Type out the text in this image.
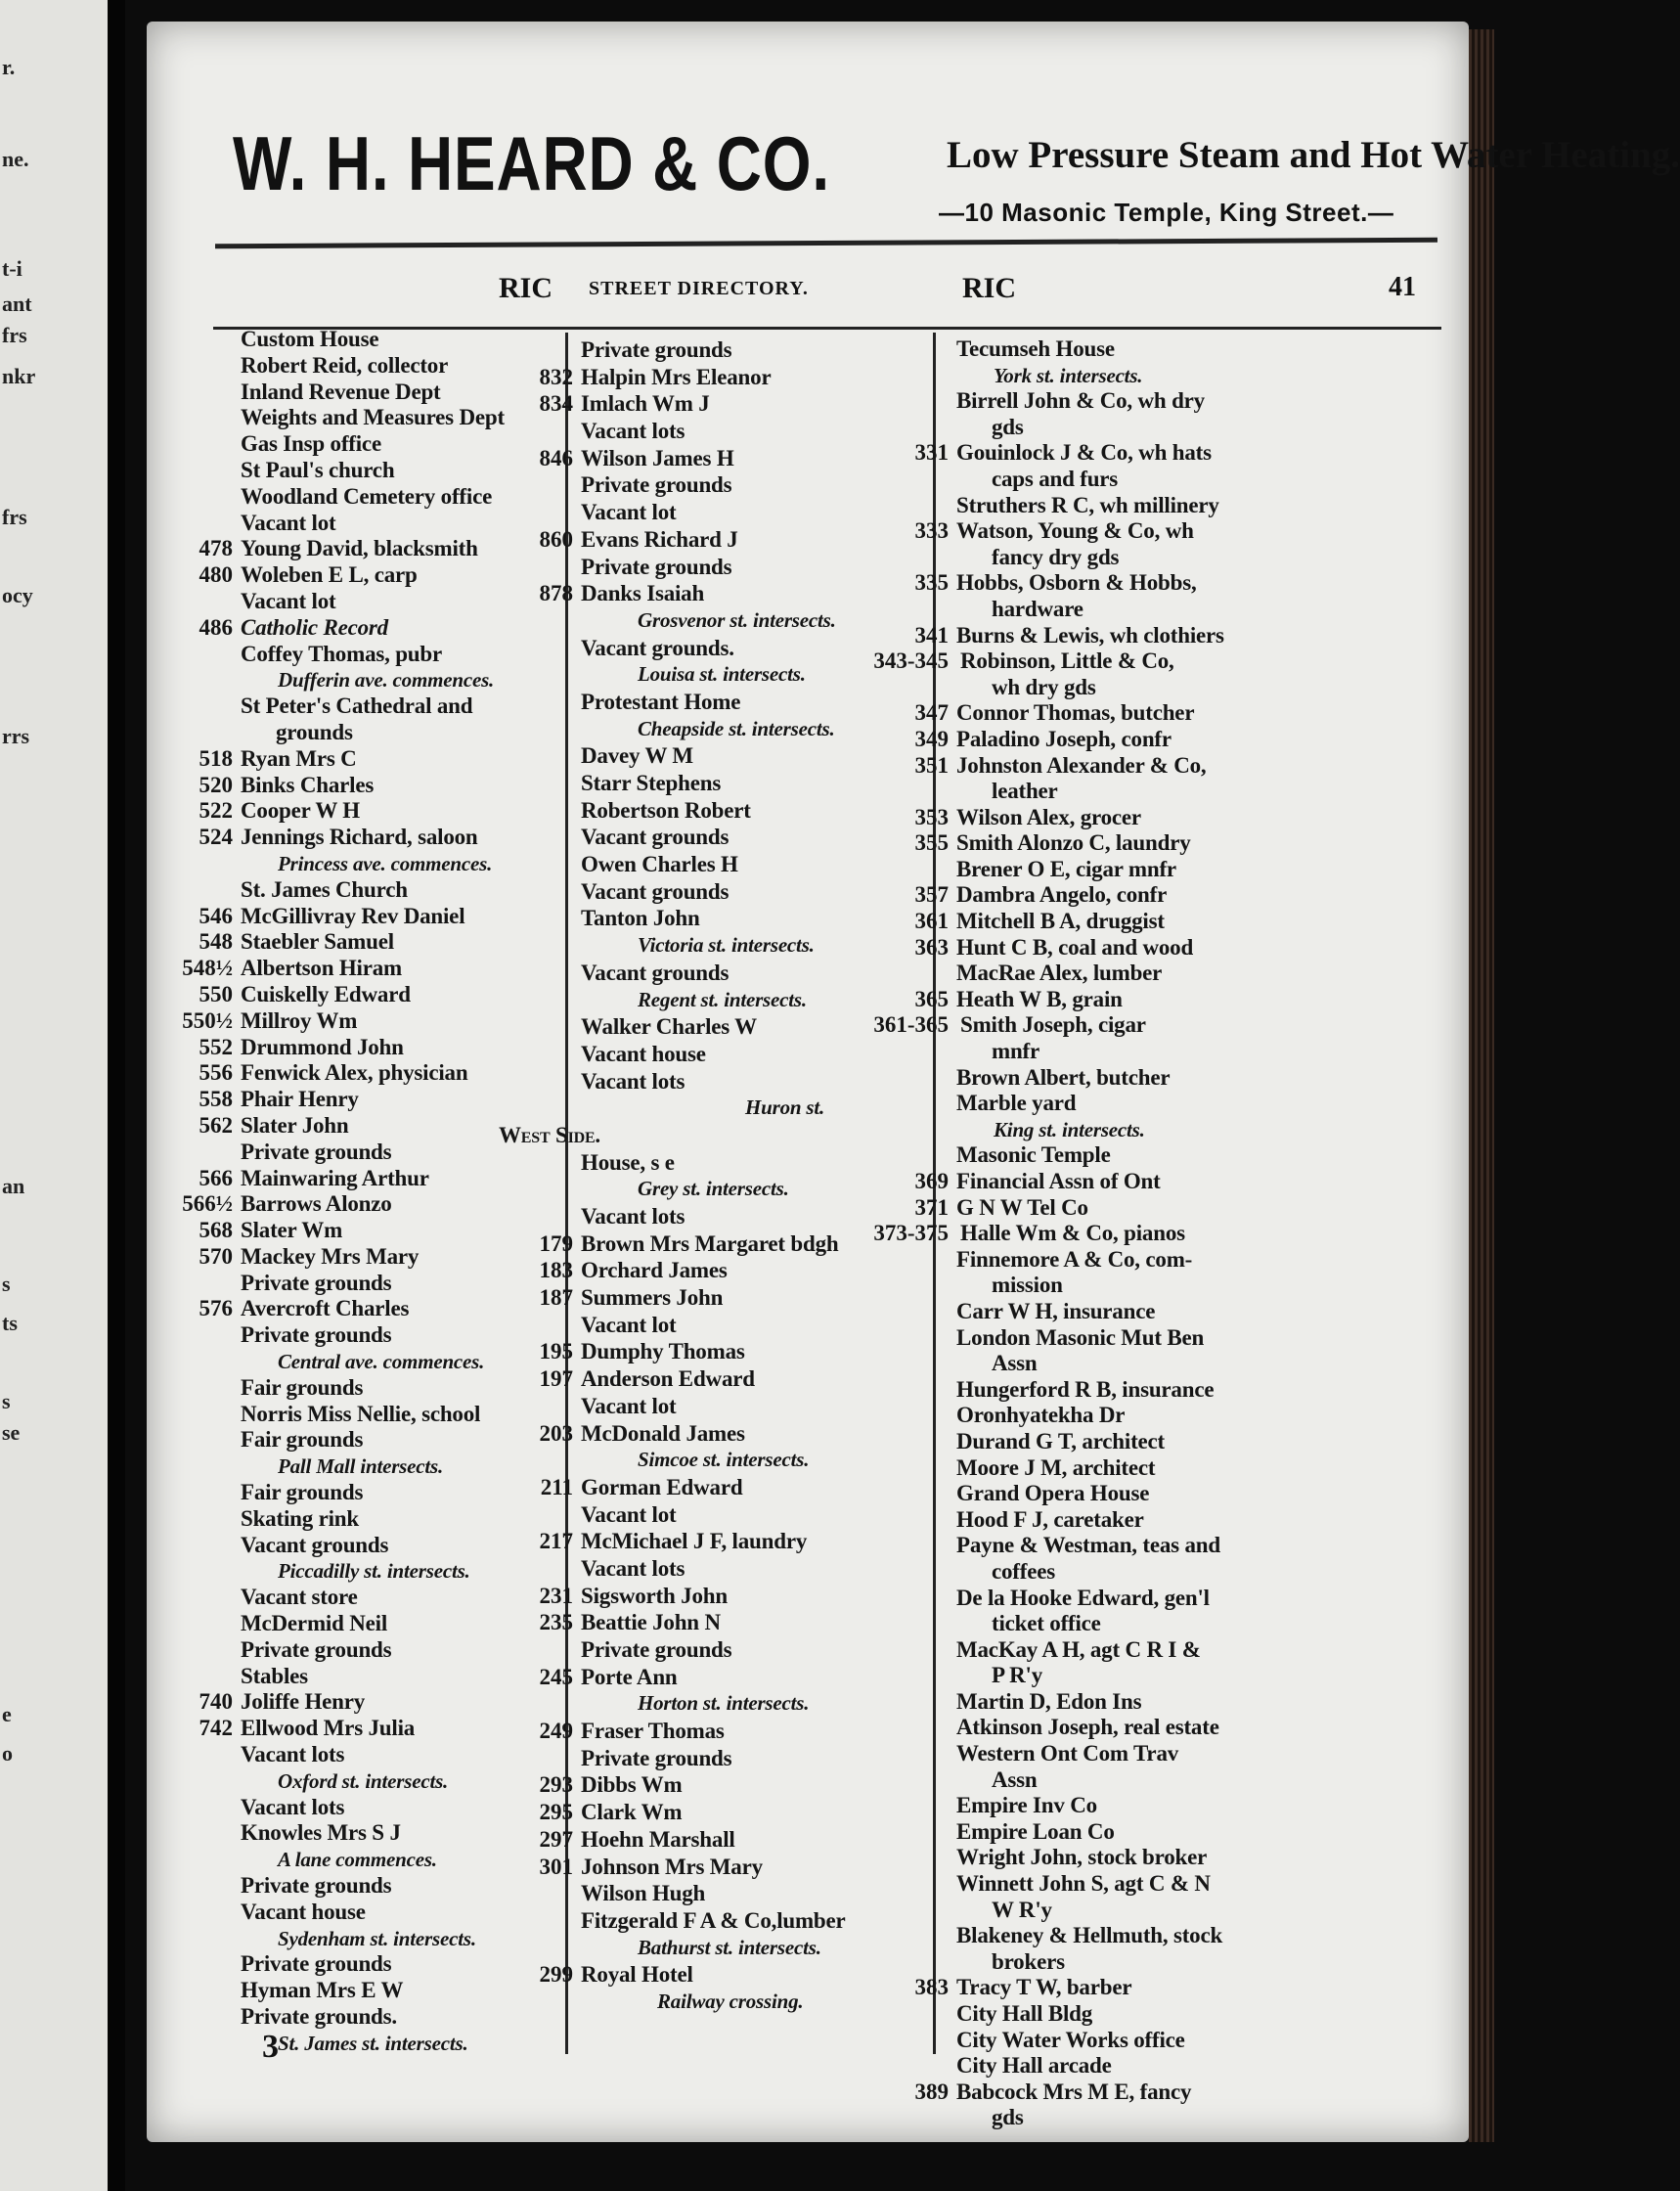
r.
ne.
t-i
ant
frs
nkr
frs
ocy
rrs
an
s
ts
s
se
e
o
W. H. HEARD & CO.	Low Pressure Steam and Hot Water Heating.
—10 Masonic Temple, King Street.—
RIC STREET DIRECTORY.	RIC	41
Custom House
Robert Reid, collector
Inland Revenue Dept
Weights and Measures Dept
Gas Insp office
St Paul's church
Woodland Cemetery office
Vacant lot
478 Young David, blacksmith
480 Woleben E L, carp
Vacant lot
486 Catholic Record
Coffey Thomas, pubr
Dufferin ave. commences.
St Peter's Cathedral and
grounds
518 Ryan Mrs C
520 Binks Charles
522 Cooper W H
524 Jennings Richard, saloon
Princess ave. commences.
St. James Church
546 McGillivray Rev Daniel
548 Staebler Samuel
548½ Albertson Hiram
550 Cuiskelly Edward
550½ Millroy Wm
552 Drummond John
556 Fenwick Alex, physician
558 Phair Henry
562 Slater John
Private grounds
566 Mainwaring Arthur
566½ Barrows Alonzo
568 Slater Wm
570 Mackey Mrs Mary
Private grounds
576 Avercroft Charles
Private grounds
Central ave. commences.
Fair grounds
Norris Miss Nellie, school
Fair grounds
Pall Mall intersects.
Fair grounds
Skating rink
Vacant grounds
Piccadilly st. intersects.
Vacant store
McDermid Neil
Private grounds
Stables
740 Joliffe Henry
742 Ellwood Mrs Julia
Vacant lots
Oxford st. intersects.
Vacant lots
Knowles Mrs S J
A lane commences.
Private grounds
Vacant house
Sydenham st. intersects.
Private grounds
Hyman Mrs E W
Private grounds.
St. James st. intersects.
Private grounds
832 Halpin Mrs Eleanor
834 Imlach Wm J
Vacant lots
846 Wilson James H
Private grounds
Vacant lot
860 Evans Richard J
Private grounds
878 Danks Isaiah
Grosvenor st. intersects.
Vacant grounds.
Louisa st. intersects.
Protestant Home
Cheapside st. intersects.
Davey W M
Starr Stephens
Robertson Robert
Vacant grounds
Owen Charles H
Vacant grounds
Tanton John
Victoria st. intersects.
Vacant grounds
Regent st. intersects.
Walker Charles W
Vacant house
Vacant lots
Huron st.
West Side.
House, s e
Grey st. intersects.
Vacant lots
179 Brown Mrs Margaret bdgh
183 Orchard James
187 Summers John
Vacant lot
195 Dumphy Thomas
197 Anderson Edward
Vacant lot
203 McDonald James
Simcoe st. intersects.
211 Gorman Edward
Vacant lot
217 McMichael J F, laundry
Vacant lots
231 Sigsworth John
235 Beattie John N
Private grounds
245 Porte Ann
Horton st. intersects.
249 Fraser Thomas
Private grounds
293 Dibbs Wm
295 Clark Wm
297 Hoehn Marshall
301 Johnson Mrs Mary
Wilson Hugh
Fitzgerald F A & Co,lumber
Bathurst st. intersects.
299 Royal Hotel
Railway crossing.
Tecumseh House
York st. intersects.
Birrell John & Co, wh dry
gds
331 Gouinlock J & Co, wh hats
caps and furs
Struthers R C, wh millinery
333 Watson, Young & Co, wh
fancy dry gds
335 Hobbs, Osborn & Hobbs,
hardware
341 Burns & Lewis, wh clothiers
343-345 Robinson, Little & Co,
wh dry gds
347 Connor Thomas, butcher
349 Paladino Joseph, confr
351 Johnston Alexander & Co,
leather
353 Wilson Alex, grocer
355 Smith Alonzo C, laundry
Brener O E, cigar mnfr
357 Dambra Angelo, confr
361 Mitchell B A, druggist
363 Hunt C B, coal and wood
MacRae Alex, lumber
365 Heath W B, grain
361-365 Smith Joseph, cigar
mnfr
Brown Albert, butcher
Marble yard
King st. intersects.
Masonic Temple
369 Financial Assn of Ont
371 G N W Tel Co
373-375 Halle Wm & Co, pianos
Finnemore A & Co, com-
mission
Carr W H, insurance
London Masonic Mut Ben
Assn
Hungerford R B, insurance
Oronhyatekha Dr
Durand G T, architect
Moore J M, architect
Grand Opera House
Hood F J, caretaker
Payne & Westman, teas and
coffees
De la Hooke Edward, gen'l
ticket office
MacKay A H, agt C R I &
P R'y
Martin D, Edon Ins
Atkinson Joseph, real estate
Western Ont Com Trav
Assn
Empire Inv Co
Empire Loan Co
Wright John, stock broker
Winnett John S, agt C & N
W R'y
Blakeney & Hellmuth, stock
brokers
383 Tracy T W, barber
City Hall Bldg
City Water Works office
City Hall arcade
389 Babcock Mrs M E, fancy
gds
3
